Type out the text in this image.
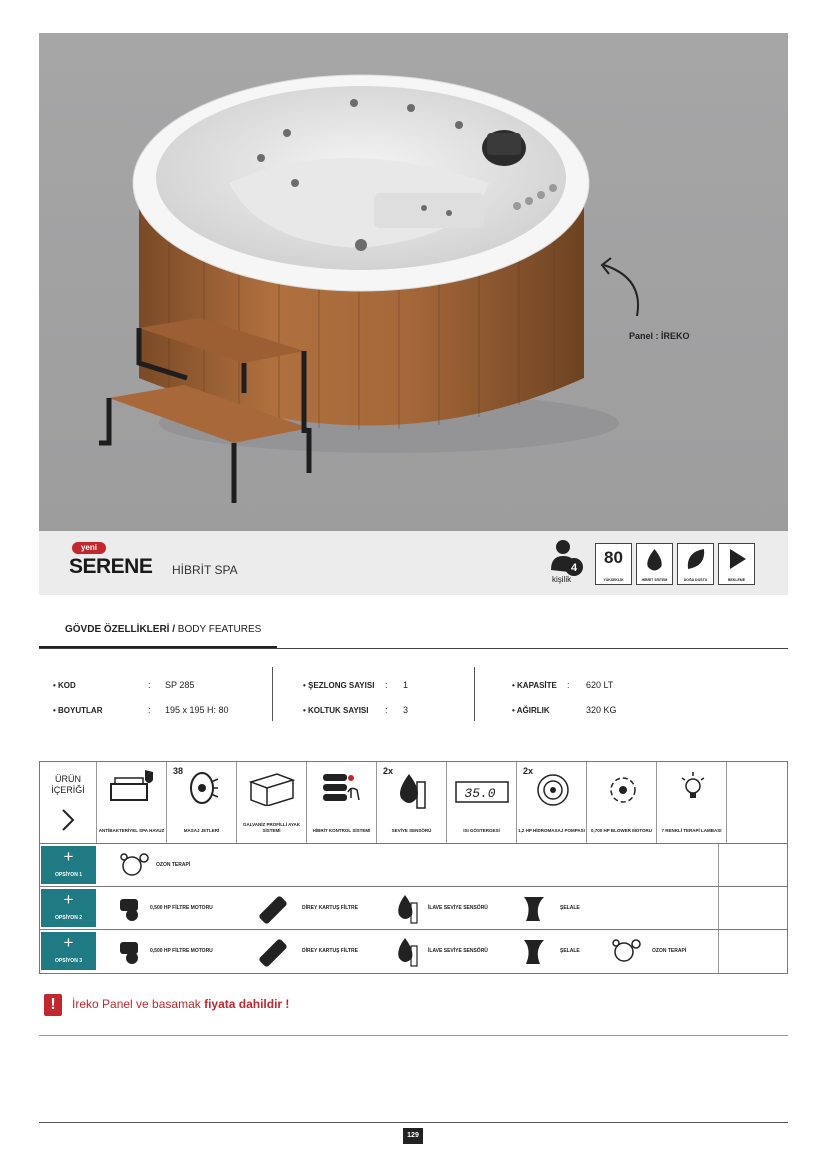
Panel : İREKO
yeni
SERENE HİBRİT SPA	4
kişilik
80
YÜKSEKLİK	HİBRİT SİSTEM	DOĞA DOSTU	BEKLEME
GÖVDE ÖZELLİKLERİ / BODY FEATURES
• KOD	: SP 285
• BOYUTLAR	: 195 x 195 H: 80
• ŞEZLONG SAYISI : 1
• KOLTUK SAYISI : 3
• KAPASİTE : 620 LT
• AĞIRLIK	320 KG
ÜRÜN İÇERİĞİ
ANTİBAKTERİYEL SPA HAVUZ
38
MASAJ JETLERİ
GALVANİZ PROFİLLİ AYAK SİSTEMİ	HİBRİT KONTROL SİSTEMİ
2x
SEVİYE SENSÖRÜ
35.0
ISI GÖSTERGESİ
2x
1,2 HP HİDROMASAJ POMPASI	0,700 HP BLOWER MOTORU	7 RENKLİ TERAPİ LAMBASI
+
OPSİYON 1
OZON TERAPİ
+
OPSİYON 2
0,500 HP FİLTRE MOTORU	DİREY KARTUŞ FİLTRE	İLAVE SEVİYE SENSÖRÜ	ŞELALE
+
OPSİYON 3
0,500 HP FİLTRE MOTORU	DİREY KARTUŞ FİLTRE	İLAVE SEVİYE SENSÖRÜ	ŞELALE	OZON TERAPİ
!	İreko Panel ve basamak fiyata dahildir !
129
